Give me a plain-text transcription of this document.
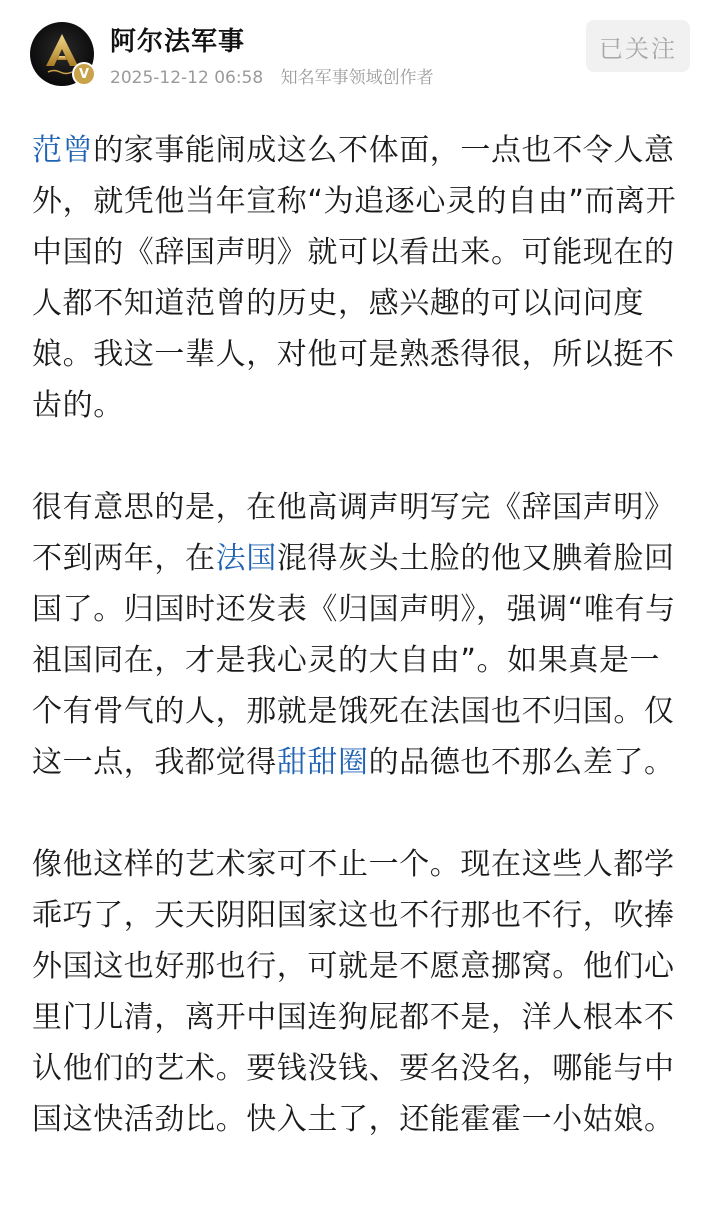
V
阿尔法军事
2025-12-12 06:58 知名军事领域创作者
已关注

范曾的家事能闹成这么不体面，一点也不令人意外，就凭他当年宣称“为追逐心灵的自由”而离开中国的《辞国声明》就可以看出来。可能现在的人都不知道范曾的历史，感兴趣的可以问问度娘。我这一辈人，对他可是熟悉得很，所以挺不齿的。

很有意思的是，在他高调声明写完《辞国声明》不到两年，在法国混得灰头土脸的他又腆着脸回国了。归国时还发表《归国声明》，强调“唯有与祖国同在，才是我心灵的大自由”。如果真是一个有骨气的人，那就是饿死在法国也不归国。仅这一点，我都觉得甜甜圈的品德也不那么差了。

像他这样的艺术家可不止一个。现在这些人都学乖巧了，天天阴阳国家这也不行那也不行，吹捧外国这也好那也行，可就是不愿意挪窝。他们心里门儿清，离开中国连狗屁都不是，洋人根本不认他们的艺术。要钱没钱、要名没名，哪能与中国这快活劲比。快入土了，还能霍霍一小姑娘。
